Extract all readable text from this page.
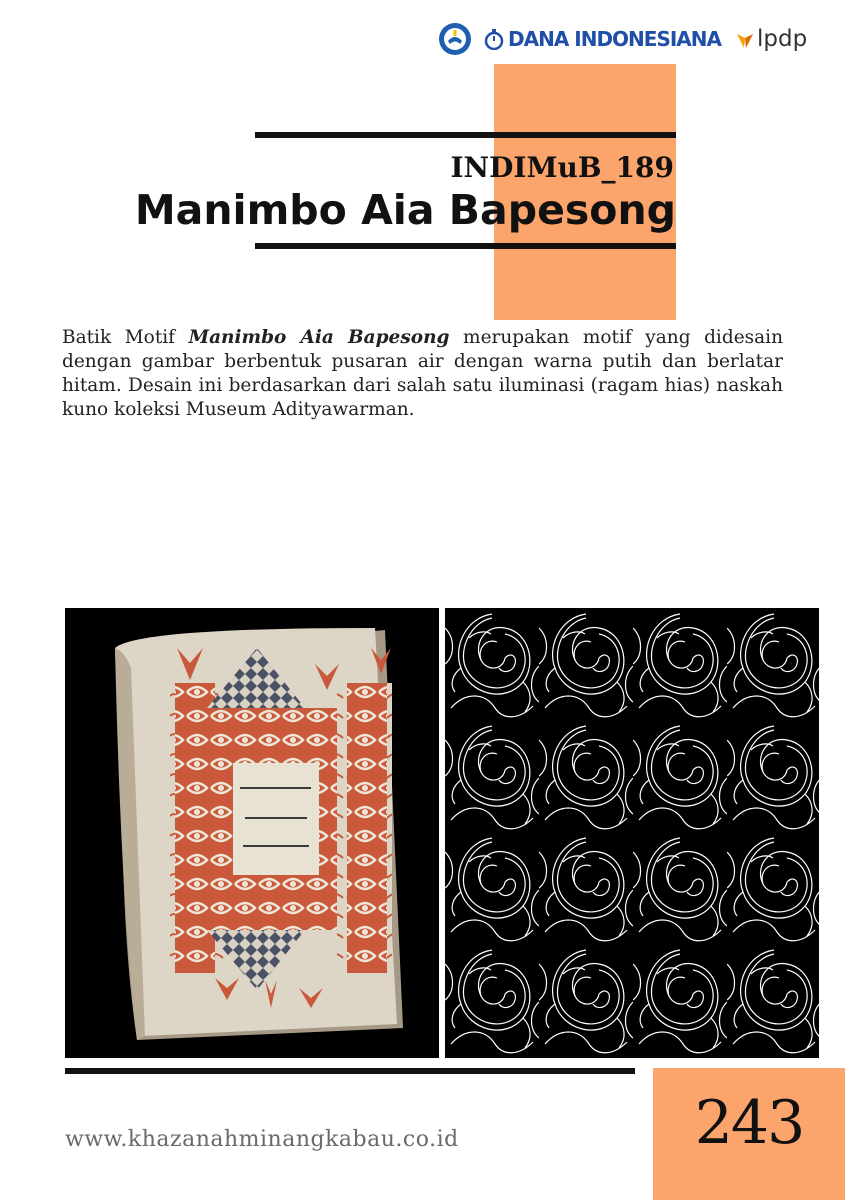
DANA INDONESIANA lpdp
INDIMuB_189
Manimbo Aia Bapesong

Batik Motif Manimbo Aia Bapesong merupakan motif yang didesain dengan gambar berbentuk pusaran air dengan warna putih dan berlatar hitam. Desain ini berdasarkan dari salah satu iluminasi (ragam hias) naskah kuno koleksi Museum Adityawarman.

www.khazanahminangkabau.co.id	243
